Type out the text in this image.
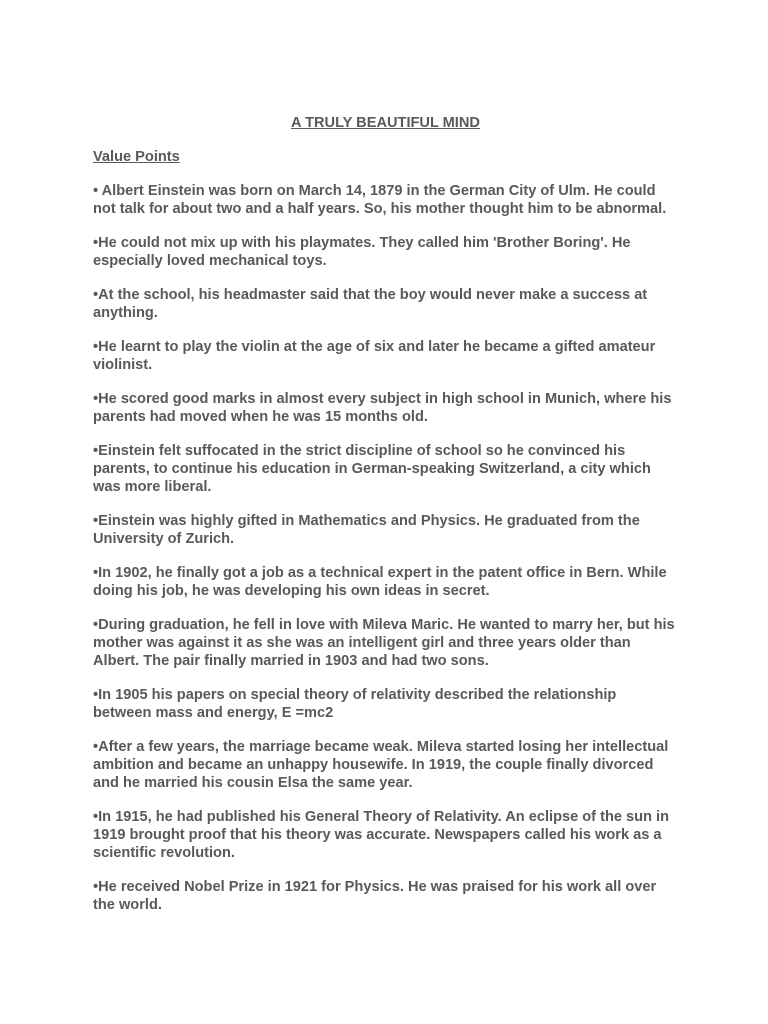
A TRULY BEAUTIFUL MIND
Value Points

• Albert Einstein was born on March 14, 1879 in the German City of Ulm. He could not talk for about two and a half years. So, his mother thought him to be abnormal.

•He could not mix up with his playmates. They called him 'Brother Boring'. He especially loved mechanical toys.

•At the school, his headmaster said that the boy would never make a success at anything.

•He learnt to play the violin at the age of six and later he became a gifted amateur violinist.

•He scored good marks in almost every subject in high school in Munich, where his parents had moved when he was 15 months old.

•Einstein felt suffocated in the strict discipline of school so he convinced his parents, to continue his education in German-speaking Switzerland, a city which was more liberal.

•Einstein was highly gifted in Mathematics and Physics. He graduated from the University of Zurich.

•In 1902, he finally got a job as a technical expert in the patent office in Bern. While doing his job, he was developing his own ideas in secret.

•During graduation, he fell in love with Mileva Maric. He wanted to marry her, but his mother was against it as she was an intelligent girl and three years older than Albert. The pair finally married in 1903 and had two sons.

•In 1905 his papers on special theory of relativity described the relationship between mass and energy, E =mc2

•After a few years, the marriage became weak. Mileva started losing her intellectual ambition and became an unhappy housewife. In 1919, the couple finally divorced and he married his cousin Elsa the same year.

•In 1915, he had published his General Theory of Relativity. An eclipse of the sun in 1919 brought proof that his theory was accurate. Newspapers called his work as a scientific revolution.

•He received Nobel Prize in 1921 for Physics. He was praised for his work all over the world.
